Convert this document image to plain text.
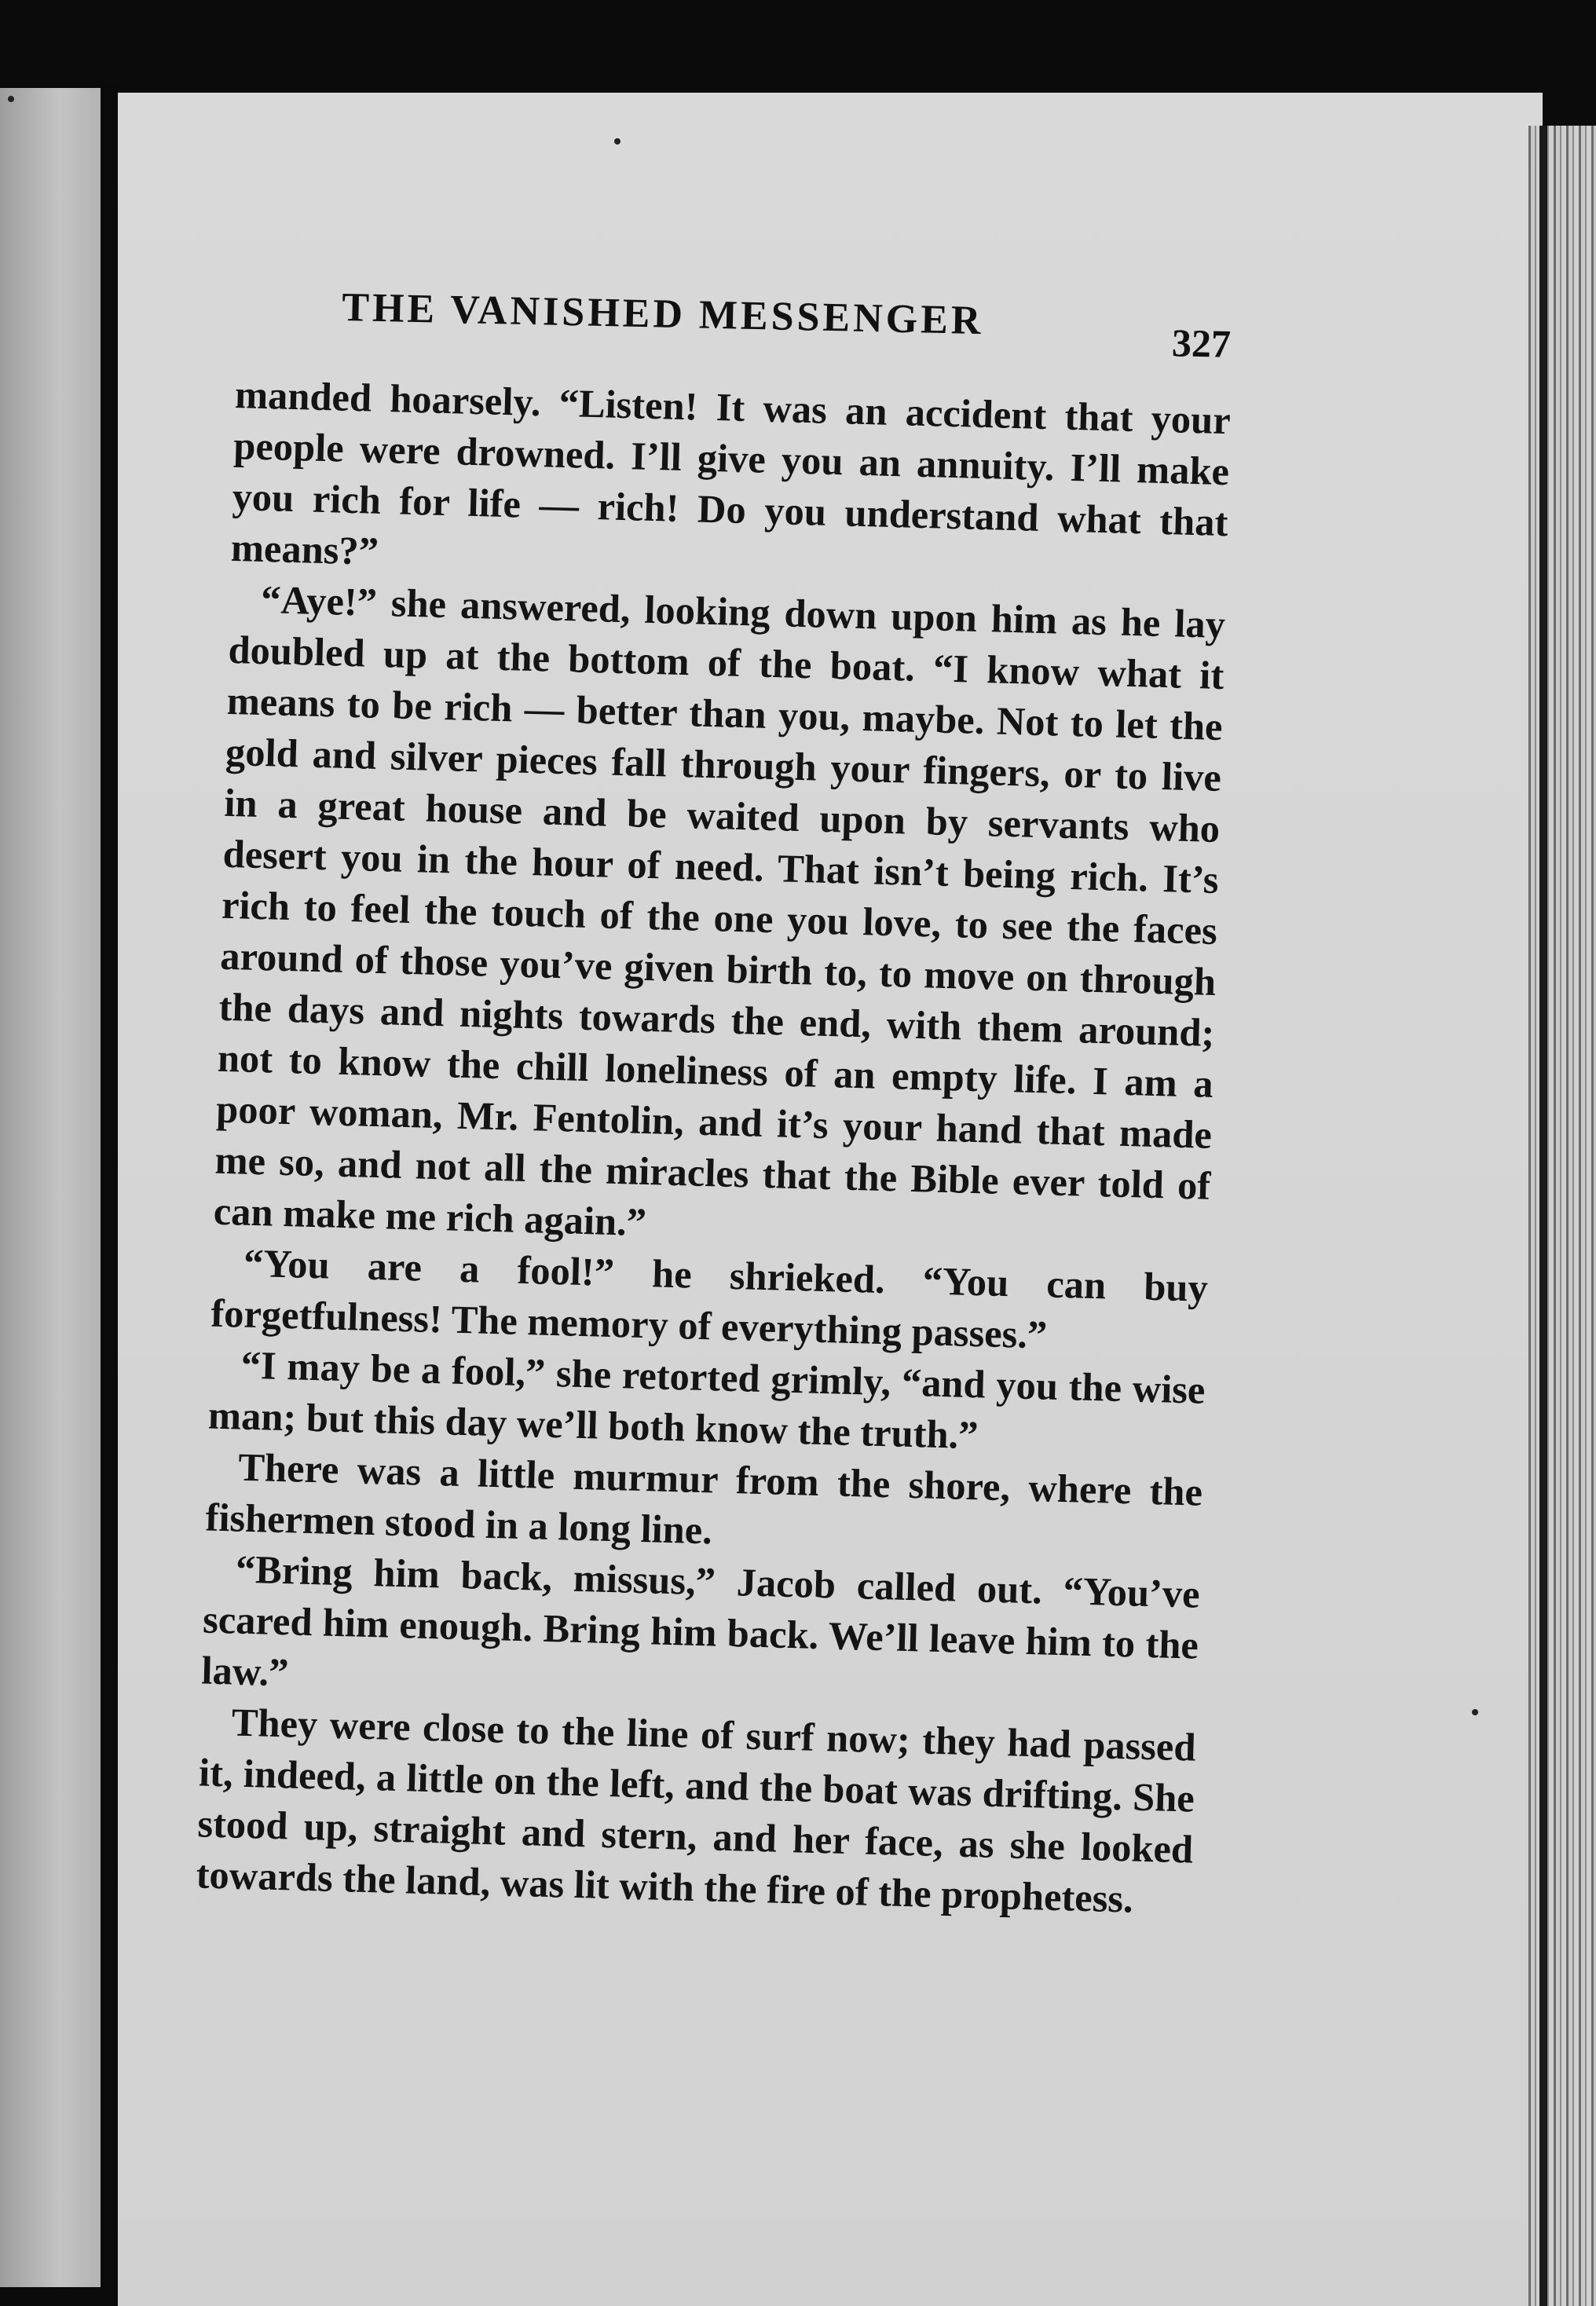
THE VANISHED MESSENGER	327

manded hoarsely. “Listen! It was an accident that your people were drowned. I’ll give you an annuity. I’ll make you rich for life — rich! Do you understand what that means?”

“Aye!” she answered, looking down upon him as he lay doubled up at the bottom of the boat. “I know what it means to be rich — better than you, maybe. Not to let the gold and silver pieces fall through your fingers, or to live in a great house and be waited upon by servants who desert you in the hour of need. That isn’t being rich. It’s rich to feel the touch of the one you love, to see the faces around of those you’ve given birth to, to move on through the days and nights towards the end, with them around; not to know the chill loneliness of an empty life. I am a poor woman, Mr. Fentolin, and it’s your hand that made me so, and not all the miracles that the Bible ever told of can make me rich again.”

“You are a fool!” he shrieked. “You can buy forgetfulness! The memory of everything passes.”

“I may be a fool,” she retorted grimly, “and you the wise man; but this day we’ll both know the truth.”

There was a little murmur from the shore, where the fishermen stood in a long line.

“Bring him back, missus,” Jacob called out. “You’ve scared him enough. Bring him back. We’ll leave him to the law.”

They were close to the line of surf now; they had passed it, indeed, a little on the left, and the boat was drifting. She stood up, straight and stern, and her face, as she looked towards the land, was lit with the fire of the prophetess.
